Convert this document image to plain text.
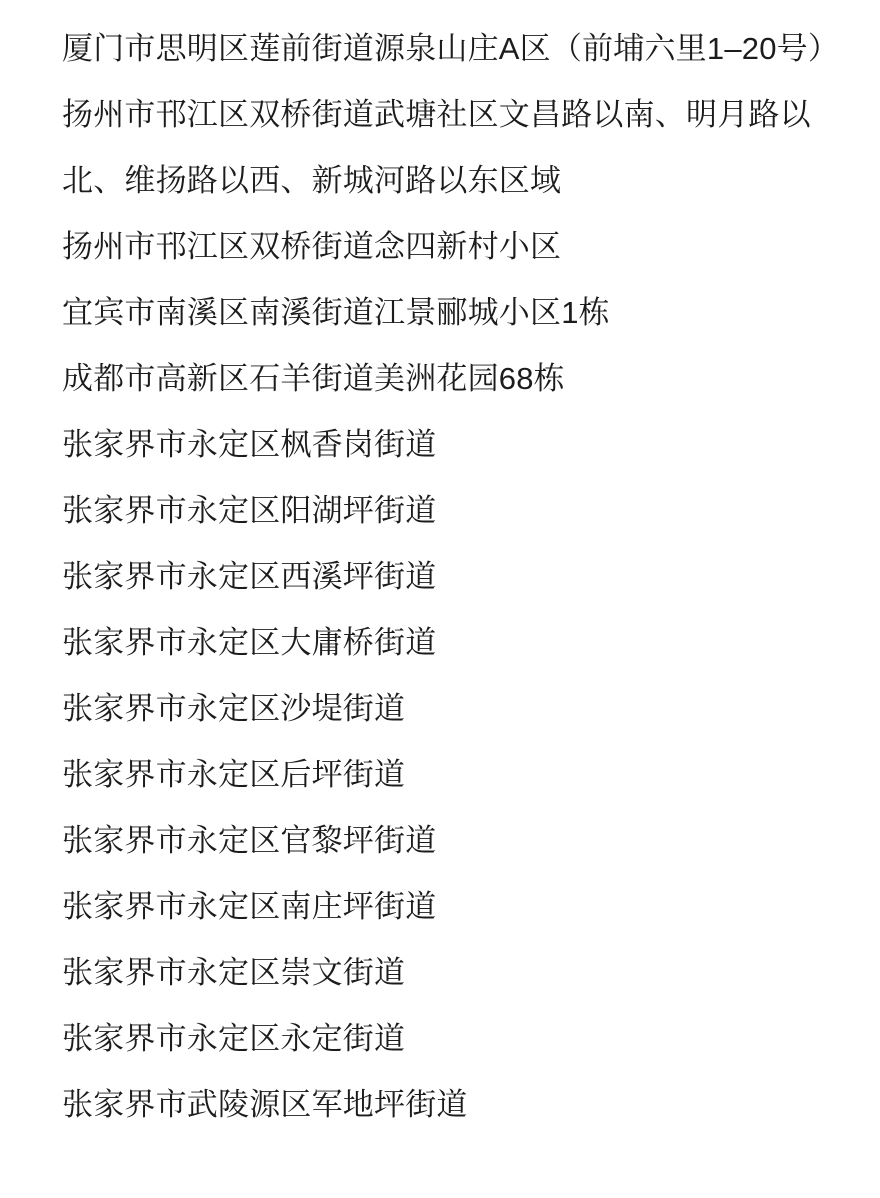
厦门市思明区莲前街道源泉山庄A区（前埔六里1–20号）
扬州市邗江区双桥街道武塘社区文昌路以南、明月路以北、维扬路以西、新城河路以东区域
扬州市邗江区双桥街道念四新村小区
宜宾市南溪区南溪街道江景郦城小区1栋
成都市高新区石羊街道美洲花园68栋
张家界市永定区枫香岗街道
张家界市永定区阳湖坪街道
张家界市永定区西溪坪街道
张家界市永定区大庸桥街道
张家界市永定区沙堤街道
张家界市永定区后坪街道
张家界市永定区官黎坪街道
张家界市永定区南庄坪街道
张家界市永定区崇文街道
张家界市永定区永定街道
张家界市武陵源区军地坪街道
